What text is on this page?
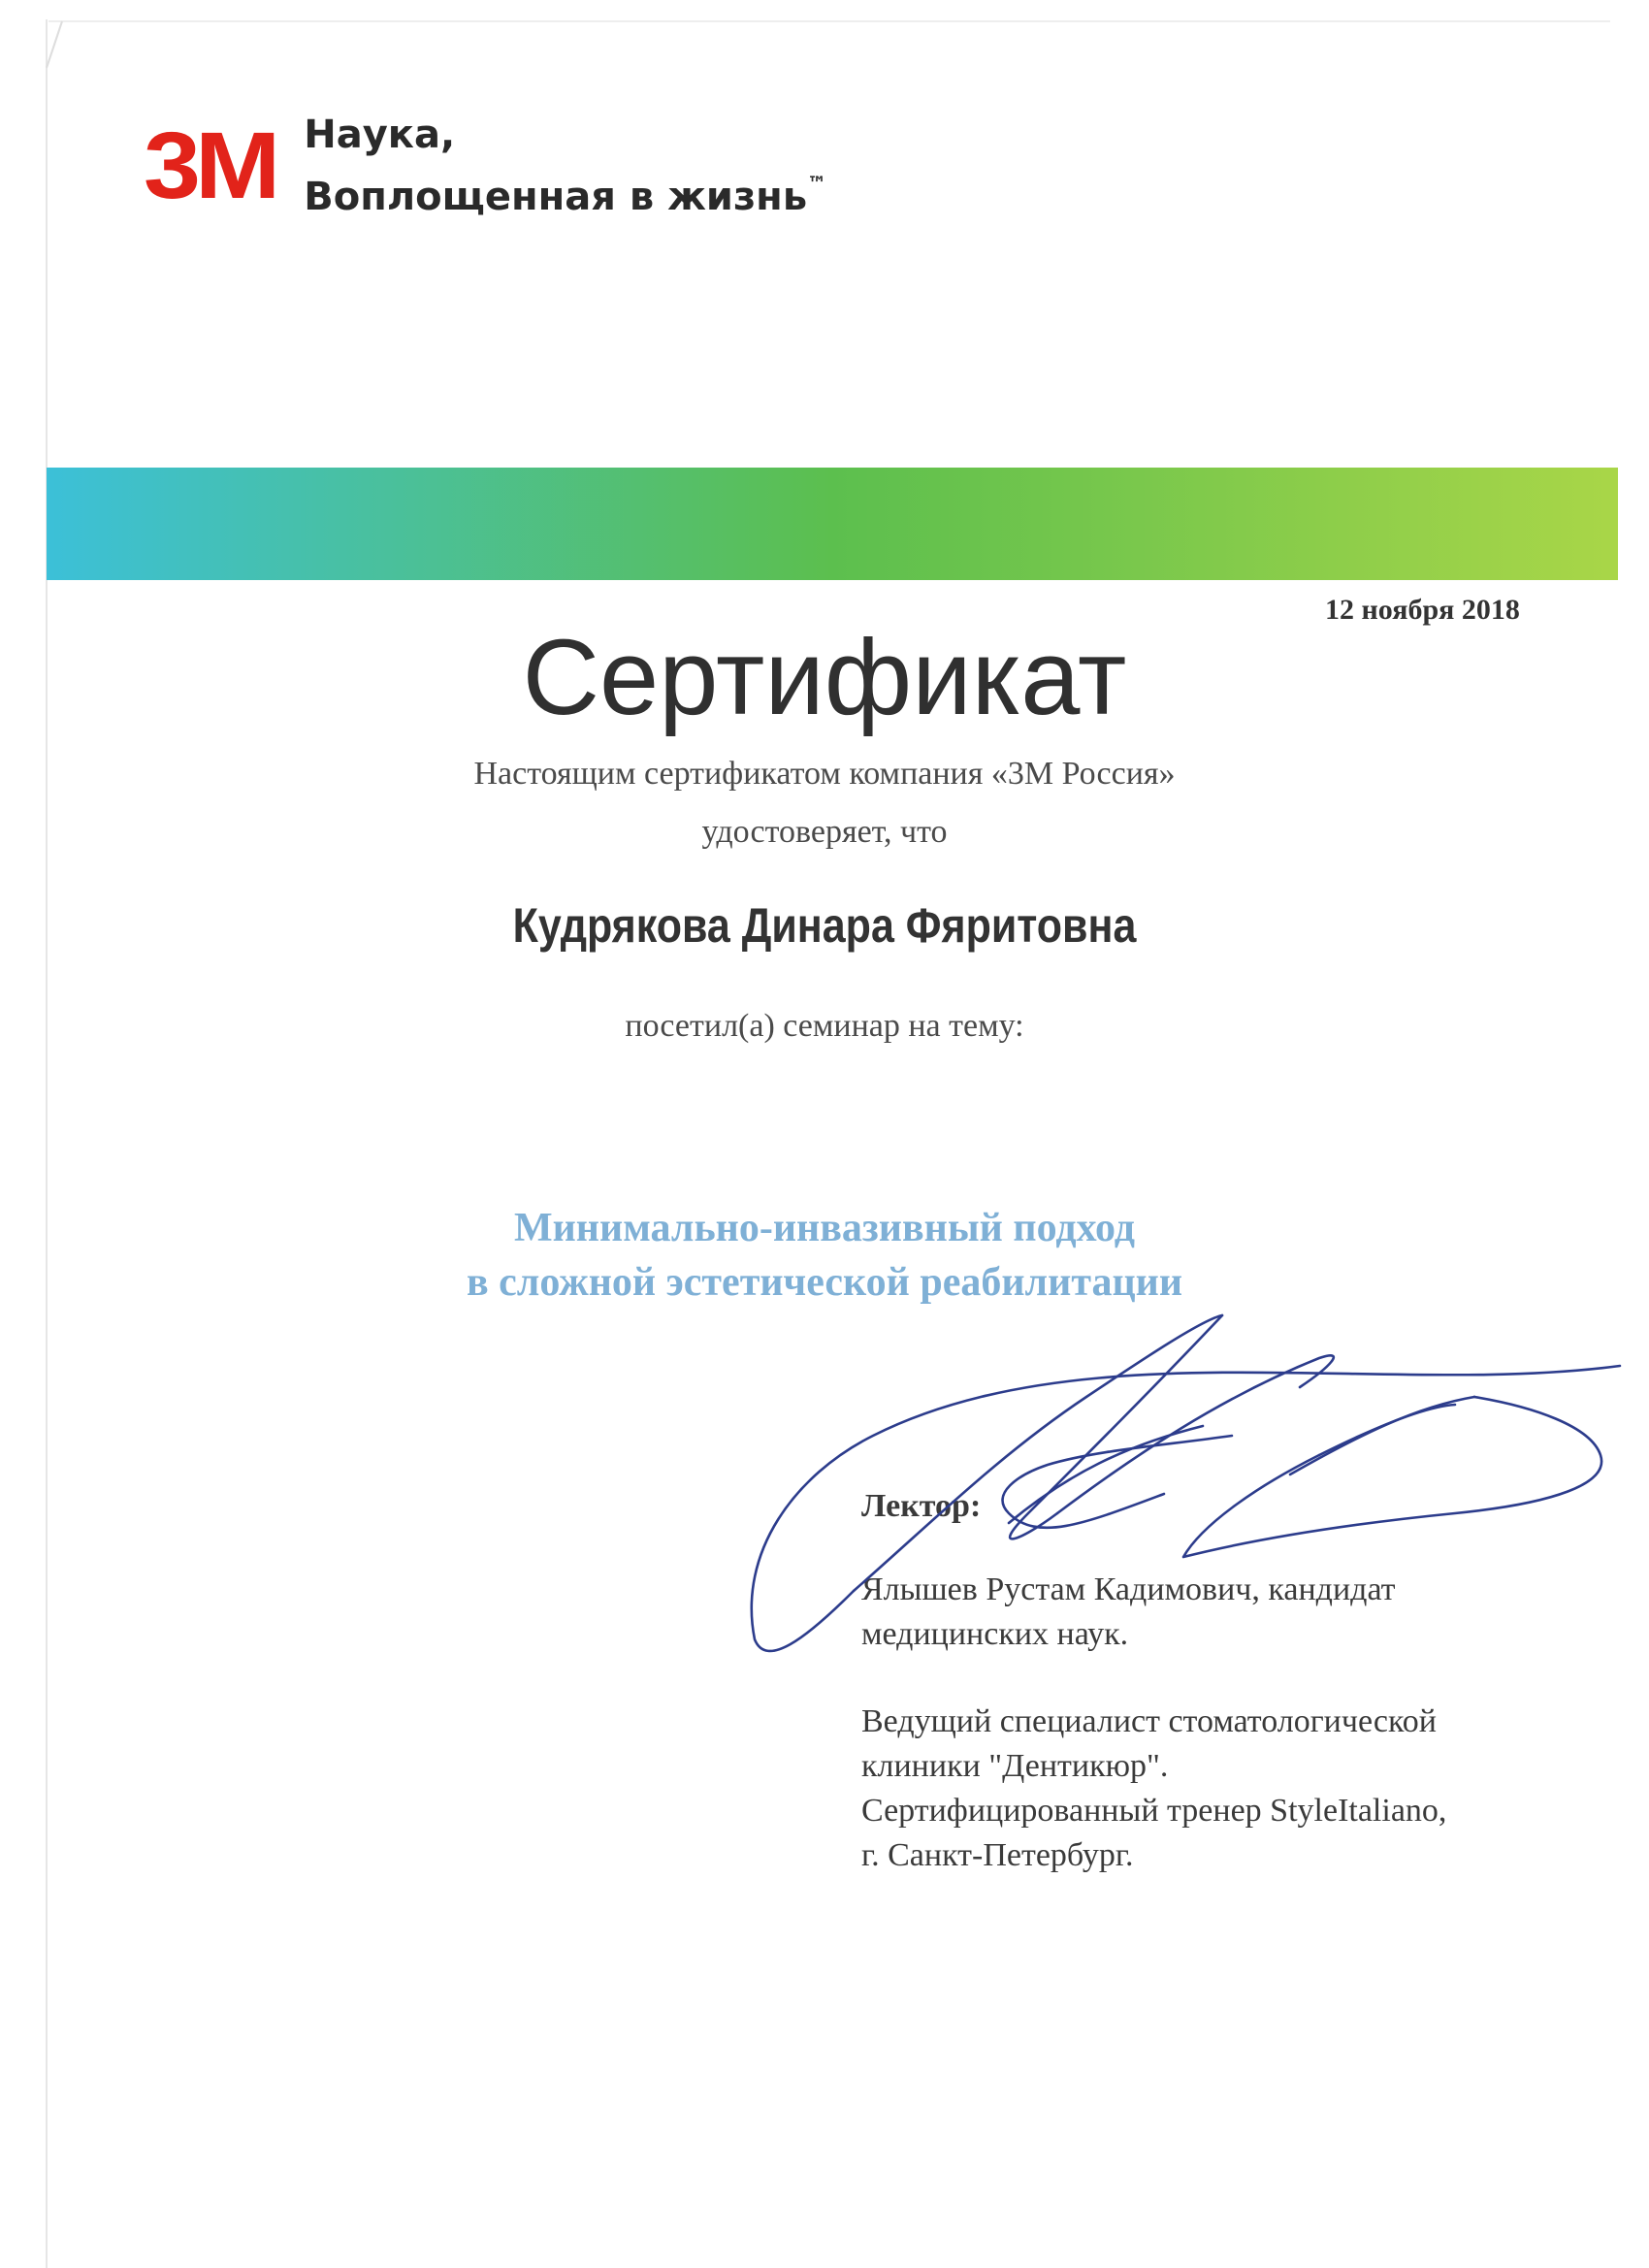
3M Наука,
Воплощенная в жизнь™
12 ноября 2018
Сертификат
Настоящим сертификатом компания «3М Россия»
удостоверяет, что
Кудрякова Динара Фяритовна
посетил(а) семинар на тему:
Минимально-инвазивный подход
в сложной эстетической реабилитации
Лектор:
Ялышев Рустам Кадимович, кандидат
медицинских наук.
Ведущий специалист стоматологической
клиники "Дентикюр".
Сертифицированный тренер StyleItaliano,
г. Санкт-Петербург.
